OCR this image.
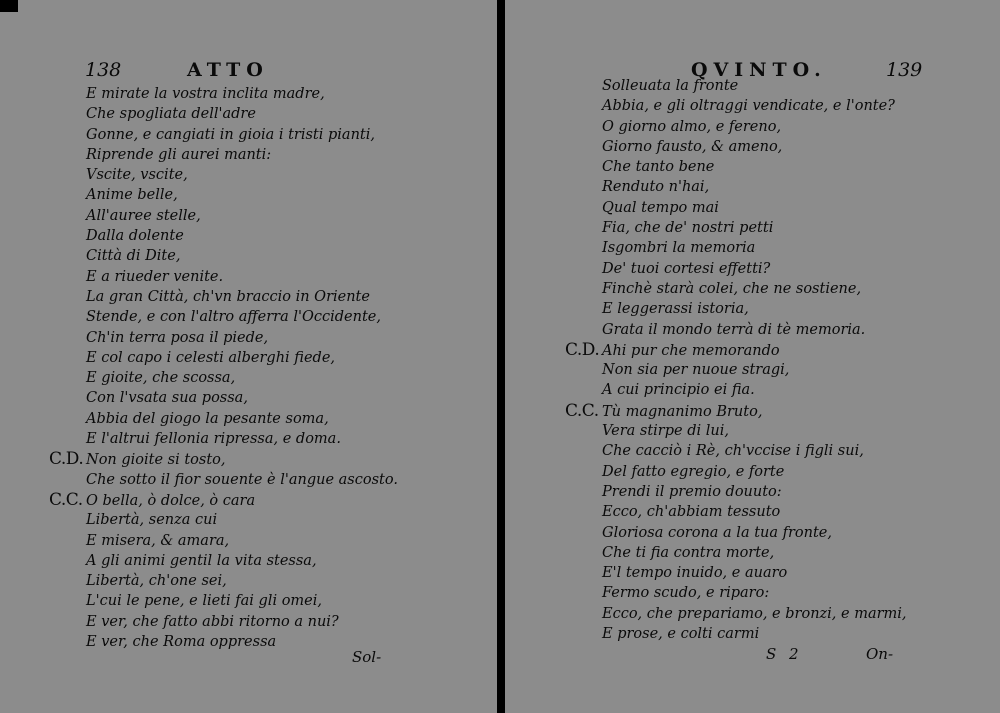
138	ATTO
E mirate la vostra inclita madre,
Che spogliata dell'adre
Gonne, e cangiati in gioia i tristi pianti,
Riprende gli aurei manti:
Vscite, vscite,
Anime belle,
All'auree stelle,
Dalla dolente
Città di Dite,
E a riueder venite.
La gran Città, ch'vn braccio in Oriente
Stende, e con l'altro afferra l'Occidente,
Ch'in terra posa il piede,
E col capo i celesti alberghi fiede,
E gioite, che scossa,
Con l'vsata sua possa,
Abbia del giogo la pesante soma,
E l'altrui fellonia ripressa, e doma.
C.D. Non gioite si tosto,
Che sotto il fior souente è l'angue ascosto.
C.C. O bella, ò dolce, ò cara
Libertà, senza cui
E misera, & amara,
A gli animi gentil la vita stessa,
Libertà, ch'one sei,
L'cui le pene, e lieti fai gli omei,
E ver, che fatto abbi ritorno a nui?
E ver, che Roma oppressa
Sol-
QVINTO.	139
Solleuata la fronte
Abbia, e gli oltraggi vendicate, e l'onte?
O giorno almo, e fereno,
Giorno fausto, & ameno,
Che tanto bene
Renduto n'hai,
Qual tempo mai
Fia, che de' nostri petti
Isgombri la memoria
De' tuoi cortesi effetti?
Finchè starà colei, che ne sostiene,
E leggerassi istoria,
Grata il mondo terrà di tè memoria.
C.D. Ahi pur che memorando
Non sia per nuoue stragi,
A cui principio ei fia.
C.C. Tù magnanimo Bruto,
Vera stirpe di lui,
Che cacciò i Rè, ch'vccise i figli sui,
Del fatto egregio, e forte
Prendi il premio douuto:
Ecco, ch'abbiam tessuto
Gloriosa corona a la tua fronte,
Che ti fia contra morte,
E'l tempo inuido, e auaro
Fermo scudo, e riparo:
Ecco, che prepariamo, e bronzi, e marmi,
E prose, e colti carmi
S 2	On-
